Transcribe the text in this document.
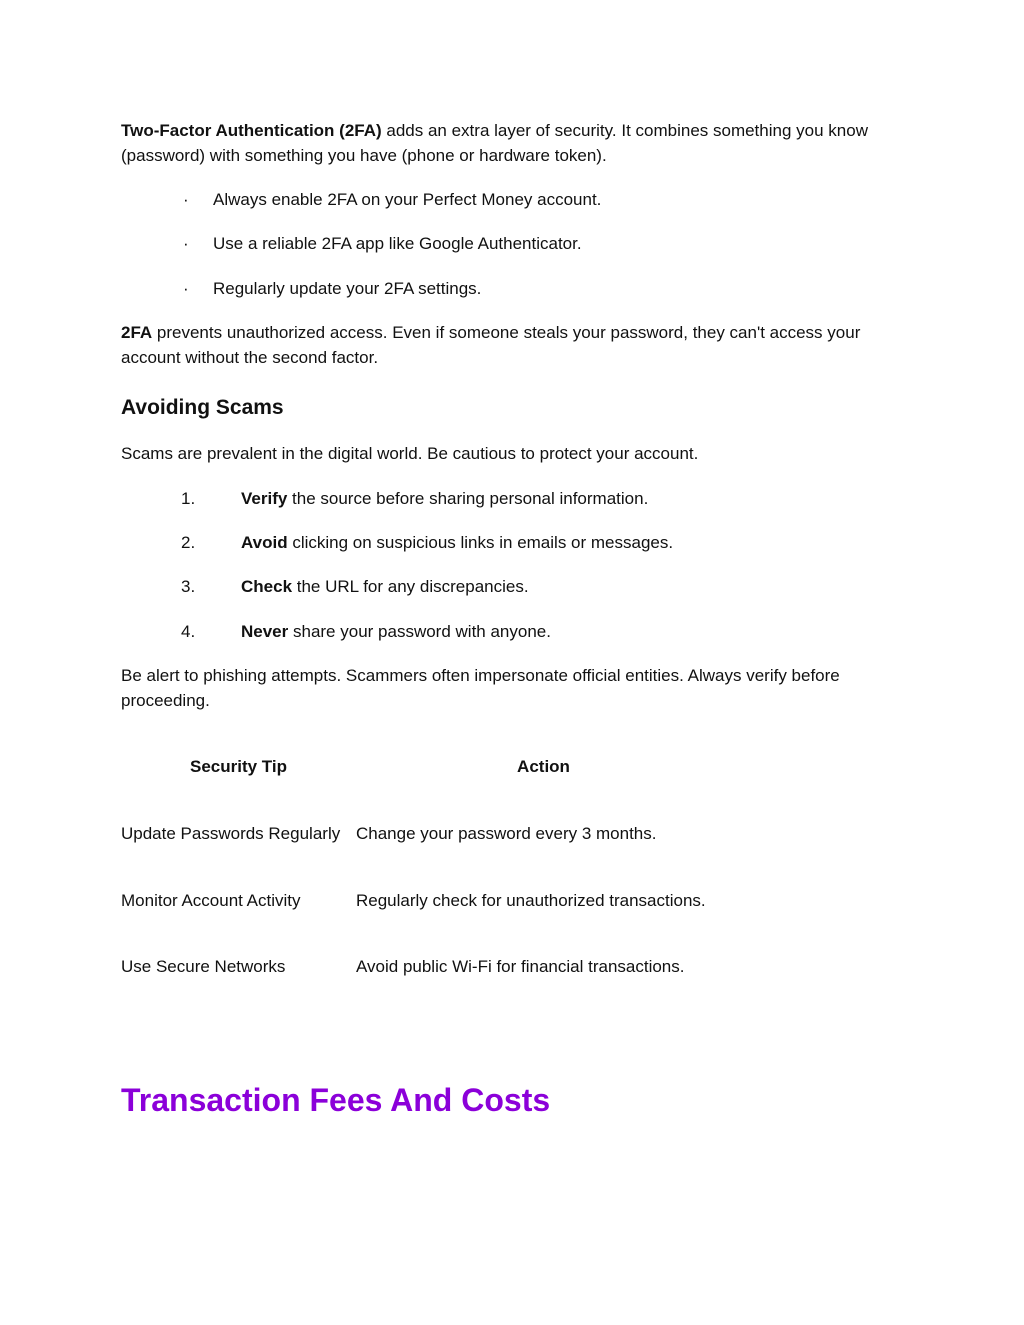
Two-Factor Authentication (2FA) adds an extra layer of security. It combines something you know (password) with something you have (phone or hardware token).

· Always enable 2FA on your Perfect Money account.
· Use a reliable 2FA app like Google Authenticator.
· Regularly update your 2FA settings.

2FA prevents unauthorized access. Even if someone steals your password, they can't access your account without the second factor.

Avoiding Scams

Scams are prevalent in the digital world. Be cautious to protect your account.

1.	Verify the source before sharing personal information.
2.	Avoid clicking on suspicious links in emails or messages.
3.	Check the URL for any discrepancies.
4.	Never share your password with anyone.

Be alert to phishing attempts. Scammers often impersonate official entities. Always verify before proceeding.

Security Tip	Action

Update Passwords Regularly	Change your password every 3 months.

Monitor Account Activity	Regularly check for unauthorized transactions.

Use Secure Networks	Avoid public Wi-Fi for financial transactions.
Transaction Fees And Costs
